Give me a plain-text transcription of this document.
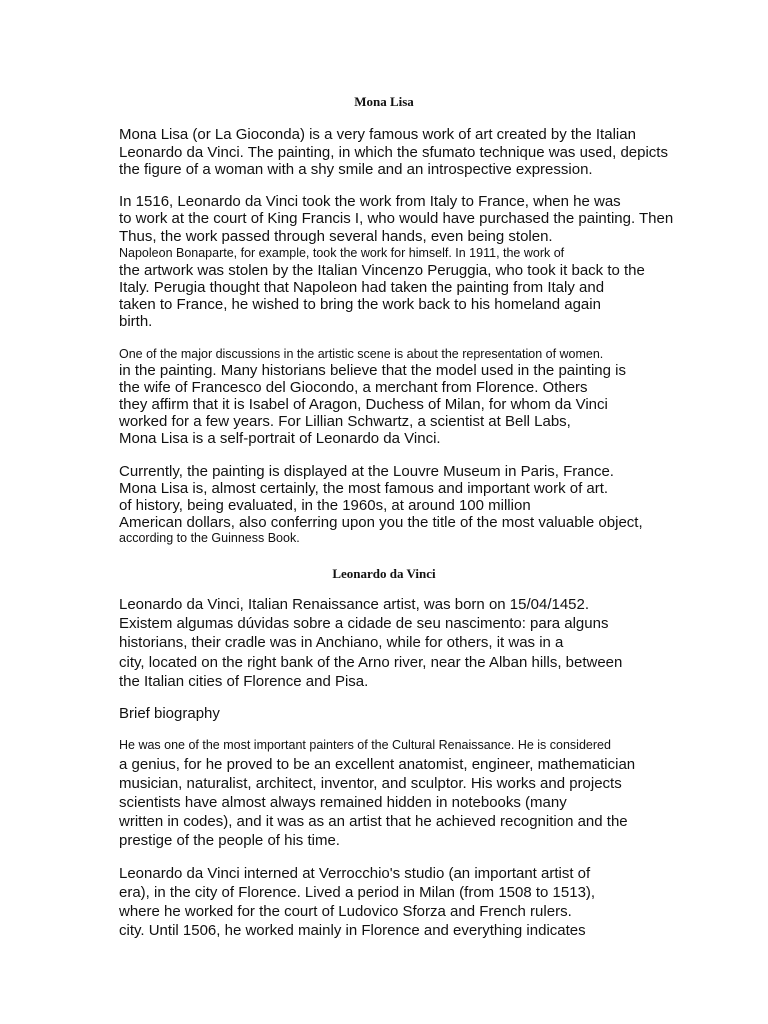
Mona Lisa
Mona Lisa (or La Gioconda) is a very famous work of art created by the Italian
Leonardo da Vinci. The painting, in which the sfumato technique was used, depicts
the figure of a woman with a shy smile and an introspective expression.
In 1516, Leonardo da Vinci took the work from Italy to France, when he was
to work at the court of King Francis I, who would have purchased the painting. Then
Thus, the work passed through several hands, even being stolen.
Napoleon Bonaparte, for example, took the work for himself. In 1911, the work of
the artwork was stolen by the Italian Vincenzo Peruggia, who took it back to the
Italy. Perugia thought that Napoleon had taken the painting from Italy and
taken to France, he wished to bring the work back to his homeland again
birth.
One of the major discussions in the artistic scene is about the representation of women.
in the painting. Many historians believe that the model used in the painting is
the wife of Francesco del Giocondo, a merchant from Florence. Others
they affirm that it is Isabel of Aragon, Duchess of Milan, for whom da Vinci
worked for a few years. For Lillian Schwartz, a scientist at Bell Labs,
Mona Lisa is a self-portrait of Leonardo da Vinci.
Currently, the painting is displayed at the Louvre Museum in Paris, France.
Mona Lisa is, almost certainly, the most famous and important work of art.
of history, being evaluated, in the 1960s, at around 100 million
American dollars, also conferring upon you the title of the most valuable object,
according to the Guinness Book.
Leonardo da Vinci
Leonardo da Vinci, Italian Renaissance artist, was born on 15/04/1452.
Existem algumas dúvidas sobre a cidade de seu nascimento: para alguns
historians, their cradle was in Anchiano, while for others, it was in a
city, located on the right bank of the Arno river, near the Alban hills, between
the Italian cities of Florence and Pisa.
Brief biography
He was one of the most important painters of the Cultural Renaissance. He is considered
a genius, for he proved to be an excellent anatomist, engineer, mathematician
musician, naturalist, architect, inventor, and sculptor. His works and projects
scientists have almost always remained hidden in notebooks (many
written in codes), and it was as an artist that he achieved recognition and the
prestige of the people of his time.
Leonardo da Vinci interned at Verrocchio's studio (an important artist of
era), in the city of Florence. Lived a period in Milan (from 1508 to 1513),
where he worked for the court of Ludovico Sforza and French rulers.
city. Until 1506, he worked mainly in Florence and everything indicates
